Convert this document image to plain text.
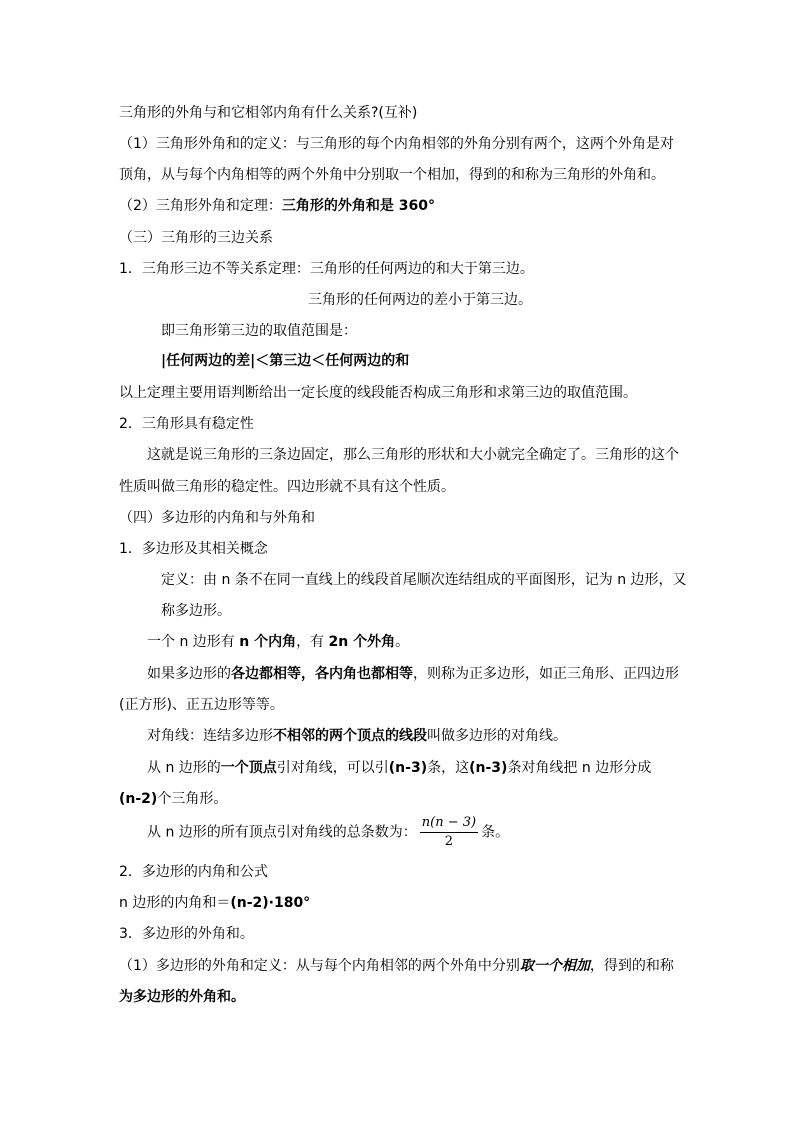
三角形的外角与和它相邻内角有什么关系?(互补)
（1）三角形外角和的定义：与三角形的每个内角相邻的外角分别有两个，这两个外角是对
顶角，从与每个内角相等的两个外角中分别取一个相加，得到的和称为三角形的外角和。
（2）三角形外角和定理：三角形的外角和是 360°
（三）三角形的三边关系
1．三角形三边不等关系定理：三角形的任何两边的和大于第三边。
三角形的任何两边的差小于第三边。
即三角形第三边的取值范围是：
|任何两边的差|＜第三边＜任何两边的和
以上定理主要用语判断给出一定长度的线段能否构成三角形和求第三边的取值范围。
2．三角形具有稳定性
这就是说三角形的三条边固定，那么三角形的形状和大小就完全确定了。三角形的这个
性质叫做三角形的稳定性。四边形就不具有这个性质。
（四）多边形的内角和与外角和
1．多边形及其相关概念
定义：由 n 条不在同一直线上的线段首尾顺次连结组成的平面图形，记为 n 边形，又
称多边形。
一个 n 边形有 n 个内角，有 2n 个外角。
如果多边形的各边都相等，各内角也都相等，则称为正多边形，如正三角形、正四边形
(正方形)、正五边形等等。
对角线：连结多边形不相邻的两个顶点的线段叫做多边形的对角线。
从 n 边形的一个顶点引对角线，可以引(n-3)条，这(n-3)条对角线把 n 边形分成
(n-2)个三角形。
从 n 边形的所有顶点引对角线的总条数为： $\frac{n(n - 3)}{2}$ 条。
2．多边形的内角和公式
n 边形的内角和＝(n-2)·180°
3．多边形的外角和。
（1）多边形的外角和定义：从与每个内角相邻的两个外角中分别取一个相加，得到的和称
为多边形的外角和。
